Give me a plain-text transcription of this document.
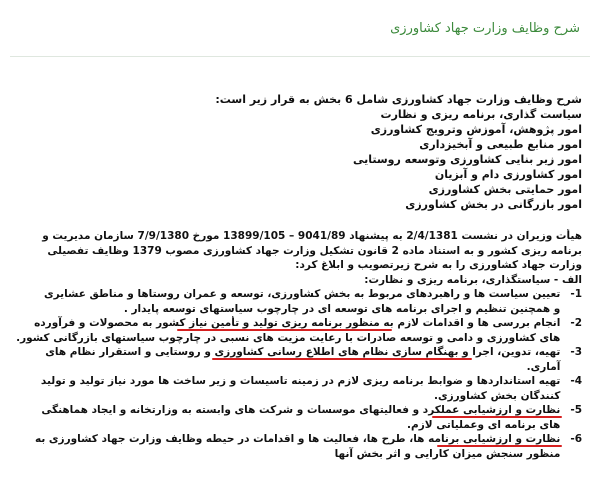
شرح وظایف وزارت جهاد کشاورزی
شرح وظایف وزارت جهاد کشاورزی شامل 6 بخش به قرار زیر است:
سیاست گذاری، برنامه ریزی و نظارت
امور پژوهش، آموزش وترویج کشاورزی
امور منابع طبیعی و آبخیزداری
امور زیر بنایی کشاورزی وتوسعه روستایی
امور کشاورزی دام و آبزیان
امور حمایتی بخش کشاورزی
امور بازرگانی در بخش کشاورزی
هیأت وزیران در نشست 2/4/1381 به پیشنهاد 9041/89 – 13899/105 مورخ 7/9/1380 سازمان مدیریت و
برنامه ریزی کشور و به استناد ماده 2 قانون تشکیل وزارت جهاد کشاورزی مصوب 1379 وظایف تفصیلی
وزارت جهاد کشاورزی را به شرح زیرتصویب و ابلاغ کرد:
الف - سیاستگذاری، برنامه ریزی و نظارت:
1- تعیین سیاست ها و راهبردهای مربوط به بخش کشاورزی، توسعه و عمران روستاها و مناطق عشایری
و همچنین تنظیم و اجرای برنامه های توسعه ای در چارچوب سیاستهای توسعه پایدار .
2- انجام بررسی ها و اقدامات لازم به منظور برنامه ریزی تولید و تأمین نیاز کشور به محصولات و فرآورده
های کشاورزی و دامی و توسعه صادرات با رعایت مزیت های نسبی در چارچوب سیاستهای بازرگانی کشور.
3- تهیه، تدوین، اجرا و بهنگام سازی نظام های اطلاع رسانی کشاورزی و روستایی و استقرار نظام های
آماری.
4- تهیه استانداردها و ضوابط برنامه ریزی لازم در زمینه تاسیسات و زیر ساخت ها مورد نیاز تولید و تولید
کنندگان بخش کشاورزی.
5- نظارت و ارزشیابی عملکرد و فعالیتهای موسسات و شرکت های وابسته به وزارتخانه و ایجاد هماهنگی
های برنامه ای وعملیاتی لازم.
6- نظارت و ارزشیابی برنامه ها، طرح ها، فعالیت ها و اقدامات در حیطه وظایف وزارت جهاد کشاورزی به
منظور سنجش میزان کارایی و اثر بخش آنها
